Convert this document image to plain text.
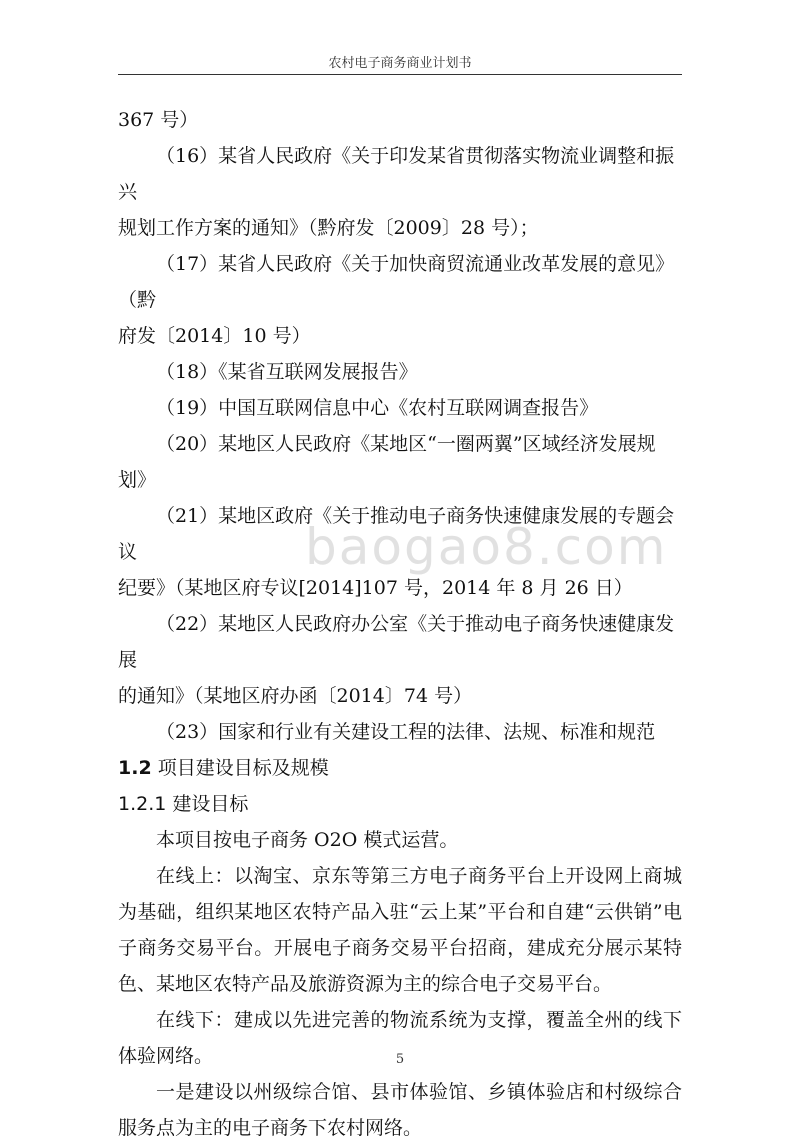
农村电子商务商业计划书
367 号）
（16）某省人民政府《关于印发某省贯彻落实物流业调整和振兴
规划工作方案的通知》（黔府发〔2009〕28 号）；
（17）某省人民政府《关于加快商贸流通业改革发展的意见》（黔
府发〔2014〕10 号）
（18）《某省互联网发展报告》
（19）中国互联网信息中心《农村互联网调查报告》
（20）某地区人民政府《某地区“一圈两翼”区域经济发展规划》
（21）某地区政府《关于推动电子商务快速健康发展的专题会议
纪要》（某地区府专议[2014]107 号，2014 年 8 月 26 日）
（22）某地区人民政府办公室《关于推动电子商务快速健康发展
的通知》（某地区府办函〔2014〕74 号）
（23）国家和行业有关建设工程的法律、法规、标准和规范
1.2 项目建设目标及规模
1.2.1 建设目标
本项目按电子商务 O2O 模式运营。
在线上：以淘宝、京东等第三方电子商务平台上开设网上商城为基础，组织某地区农特产品入驻“云上某”平台和自建“云供销”电子商务交易平台。开展电子商务交易平台招商，建成充分展示某特色、某地区农特产品及旅游资源为主的综合电子交易平台。
在线下：建成以先进完善的物流系统为支撑，覆盖全州的线下体验网络。
一是建设以州级综合馆、县市体验馆、乡镇体验店和村级综合服务点为主的电子商务下农村网络。
baogao8.com
5
